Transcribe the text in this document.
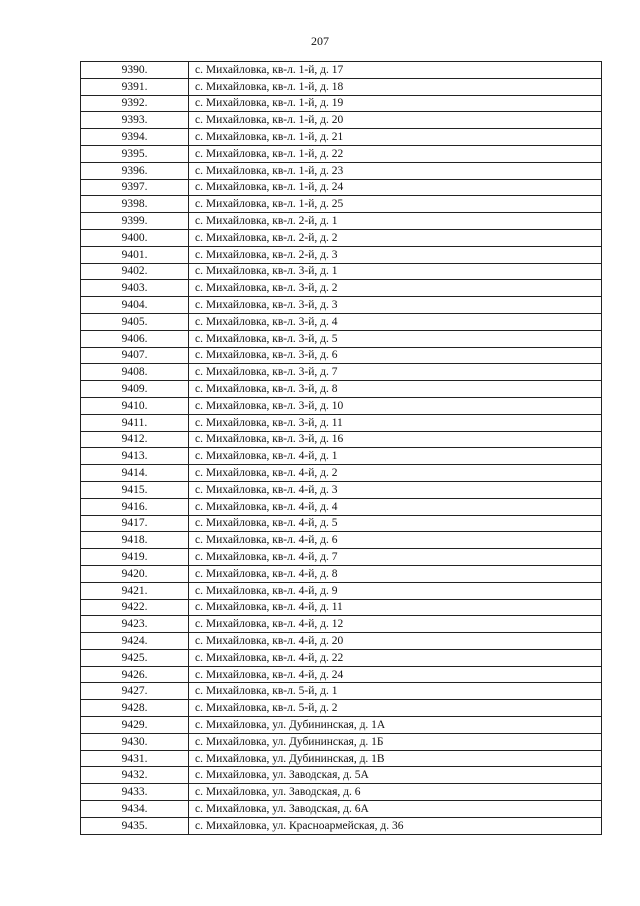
207
9390.	с. Михайловка, кв-л. 1-й, д. 17
9391.	с. Михайловка, кв-л. 1-й, д. 18
9392.	с. Михайловка, кв-л. 1-й, д. 19
9393.	с. Михайловка, кв-л. 1-й, д. 20
9394.	с. Михайловка, кв-л. 1-й, д. 21
9395.	с. Михайловка, кв-л. 1-й, д. 22
9396.	с. Михайловка, кв-л. 1-й, д. 23
9397.	с. Михайловка, кв-л. 1-й, д. 24
9398.	с. Михайловка, кв-л. 1-й, д. 25
9399.	с. Михайловка, кв-л. 2-й, д. 1
9400.	с. Михайловка, кв-л. 2-й, д. 2
9401.	с. Михайловка, кв-л. 2-й, д. 3
9402.	с. Михайловка, кв-л. 3-й, д. 1
9403.	с. Михайловка, кв-л. 3-й, д. 2
9404.	с. Михайловка, кв-л. 3-й, д. 3
9405.	с. Михайловка, кв-л. 3-й, д. 4
9406.	с. Михайловка, кв-л. 3-й, д. 5
9407.	с. Михайловка, кв-л. 3-й, д. 6
9408.	с. Михайловка, кв-л. 3-й, д. 7
9409.	с. Михайловка, кв-л. 3-й, д. 8
9410.	с. Михайловка, кв-л. 3-й, д. 10
9411.	с. Михайловка, кв-л. 3-й, д. 11
9412.	с. Михайловка, кв-л. 3-й, д. 16
9413.	с. Михайловка, кв-л. 4-й, д. 1
9414.	с. Михайловка, кв-л. 4-й, д. 2
9415.	с. Михайловка, кв-л. 4-й, д. 3
9416.	с. Михайловка, кв-л. 4-й, д. 4
9417.	с. Михайловка, кв-л. 4-й, д. 5
9418.	с. Михайловка, кв-л. 4-й, д. 6
9419.	с. Михайловка, кв-л. 4-й, д. 7
9420.	с. Михайловка, кв-л. 4-й, д. 8
9421.	с. Михайловка, кв-л. 4-й, д. 9
9422.	с. Михайловка, кв-л. 4-й, д. 11
9423.	с. Михайловка, кв-л. 4-й, д. 12
9424.	с. Михайловка, кв-л. 4-й, д. 20
9425.	с. Михайловка, кв-л. 4-й, д. 22
9426.	с. Михайловка, кв-л. 4-й, д. 24
9427.	с. Михайловка, кв-л. 5-й, д. 1
9428.	с. Михайловка, кв-л. 5-й, д. 2
9429.	с. Михайловка, ул. Дубининская, д. 1А
9430.	с. Михайловка, ул. Дубининская, д. 1Б
9431.	с. Михайловка, ул. Дубининская, д. 1В
9432.	с. Михайловка, ул. Заводская, д. 5А
9433.	с. Михайловка, ул. Заводская, д. 6
9434.	с. Михайловка, ул. Заводская, д. 6А
9435.	с. Михайловка, ул. Красноармейская, д. 36
